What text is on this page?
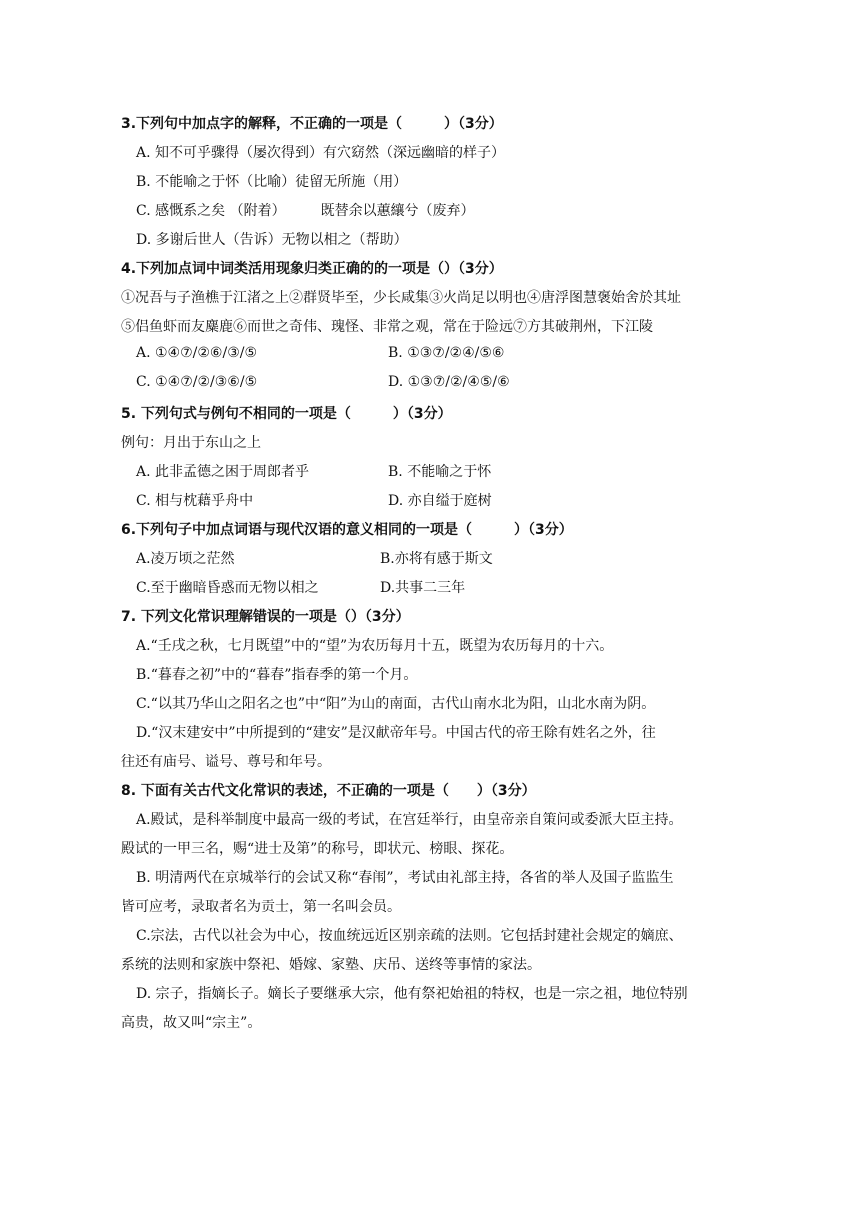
3.下列句中加点字的解释，不正确的一项是（　　　）（3分）
A. 知不可乎骤得（屡次得到）有穴窈然（深远幽暗的样子）
B. 不能喻之于怀（比喻）徒留无所施（用）
C. 感慨系之矣 （附着）　　　既替余以蕙纕兮（废弃）
D. 多谢后世人（告诉）无物以相之（帮助）
4.下列加点词中词类活用现象归类正确的的一项是（）（3分）
①况吾与子渔樵于江渚之上②群贤毕至，少长咸集③火尚足以明也④唐浮图慧褒始舍於其址
⑤侣鱼虾而友麋鹿⑥而世之奇伟、瑰怪、非常之观，常在于险远⑦方其破荆州，下江陵
A. ①④⑦/②⑥/③/⑤	B. ①③⑦/②④/⑤⑥
C. ①④⑦/②/③⑥/⑤	D. ①③⑦/②/④⑤/⑥
5. 下列句式与例句不相同的一项是（　　　）（3分）
例句：月出于东山之上
A. 此非孟德之困于周郎者乎	B. 不能喻之于怀
C. 相与枕藉乎舟中	D. 亦自缢于庭树
6.下列句子中加点词语与现代汉语的意义相同的一项是（　　　）（3分）
A.凌万顷之茫然	B.亦将有感于斯文
C.至于幽暗昏惑而无物以相之	D.共事二三年
7. 下列文化常识理解错误的一项是（）（3分）
A.“壬戌之秋，七月既望”中的“望”为农历每月十五，既望为农历每月的十六。
B.“暮春之初”中的“暮春”指春季的第一个月。
C.“以其乃华山之阳名之也”中“阳”为山的南面，古代山南水北为阳，山北水南为阴。
D.“汉末建安中”中所提到的“建安”是汉献帝年号。中国古代的帝王除有姓名之外，往
往还有庙号、谥号、尊号和年号。
8. 下面有关古代文化常识的表述，不正确的一项是（　　）（3分）
A.殿试，是科举制度中最高一级的考试，在宫廷举行，由皇帝亲自策问或委派大臣主持。
殿试的一甲三名，赐“进士及第”的称号，即状元、榜眼、探花。
B. 明清两代在京城举行的会试又称“春闱”，考试由礼部主持，各省的举人及国子监监生
皆可应考，录取者名为贡士，第一名叫会员。
C.宗法，古代以社会为中心，按血统远近区别亲疏的法则。它包括封建社会规定的嫡庶、
系统的法则和家族中祭祀、婚嫁、家塾、庆吊、送终等事情的家法。
D. 宗子，指嫡长子。嫡长子要继承大宗，他有祭祀始祖的特权，也是一宗之祖，地位特别
高贵，故又叫“宗主”。
